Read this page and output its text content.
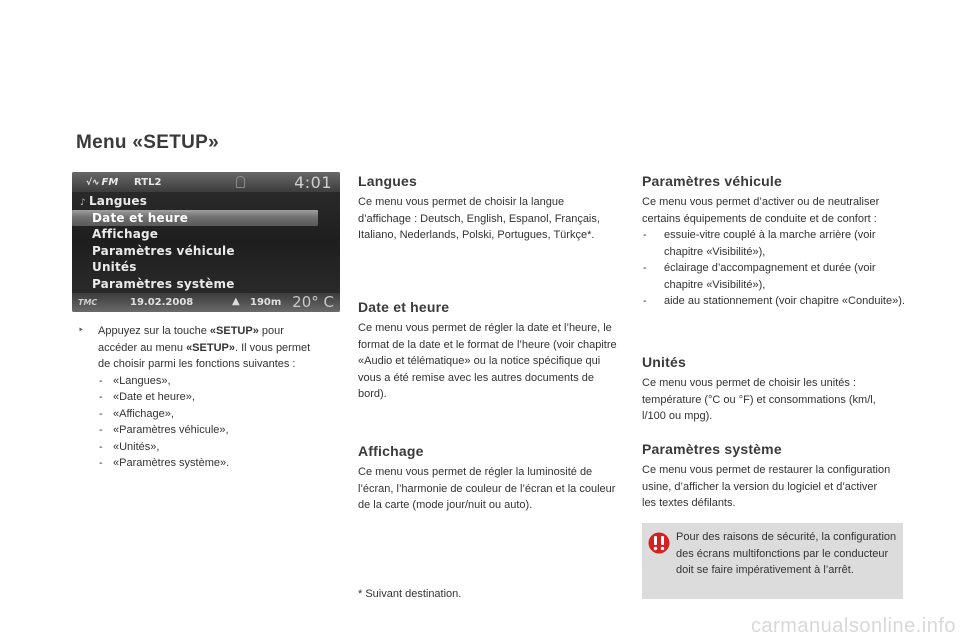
Menu «SETUP»
√∿ FM RTL2	4:01
♪ Langues
Date et heure
Affichage
Paramètres véhicule
Unités
Paramètres système
TMC	19.02.2008	▲ 190m 20° C
‣	Appuyez sur la touche «SETUP» pour
accéder au menu «SETUP». Il vous permet
de choisir parmi les fonctions suivantes :
- «Langues»,
- «Date et heure»,
- «Affichage»,
- «Paramètres véhicule»,
- «Unités»,
- «Paramètres système».
Langues

Ce menu vous permet de choisir la langue d’affichage : Deutsch, English, Espanol, Français, Italiano, Nederlands, Polski, Portugues, Türkçe*.

Date et heure

Ce menu vous permet de régler la date et l’heure, le format de la date et le format de l’heure (voir chapitre «Audio et télématique» ou la notice spécifique qui vous a été remise avec les autres documents de bord).

Affichage

Ce menu vous permet de régler la luminosité de l’écran, l’harmonie de couleur de l’écran et la couleur de la carte (mode jour/nuit ou auto).

* Suivant destination.
Paramètres véhicule

Ce menu vous permet d’activer ou de neutraliser certains équipements de conduite et de confort :

- essuie-vitre couplé à la marche arrière (voir chapitre «Visibilité»),
- éclairage d’accompagnement et durée (voir chapitre «Visibilité»),
- aide au stationnement (voir chapitre «Conduite»).
Unités

Ce menu vous permet de choisir les unités : température (°C ou °F) et consommations (km/l, l/100 ou mpg).

Paramètres système

Ce menu vous permet de restaurer la configuration usine, d’afficher la version du logiciel et d’activer les textes défilants.

Pour des raisons de sécurité, la configuration des écrans multifonctions par le conducteur doit se faire impérativement à l’arrêt.
carmanualsonline.info
